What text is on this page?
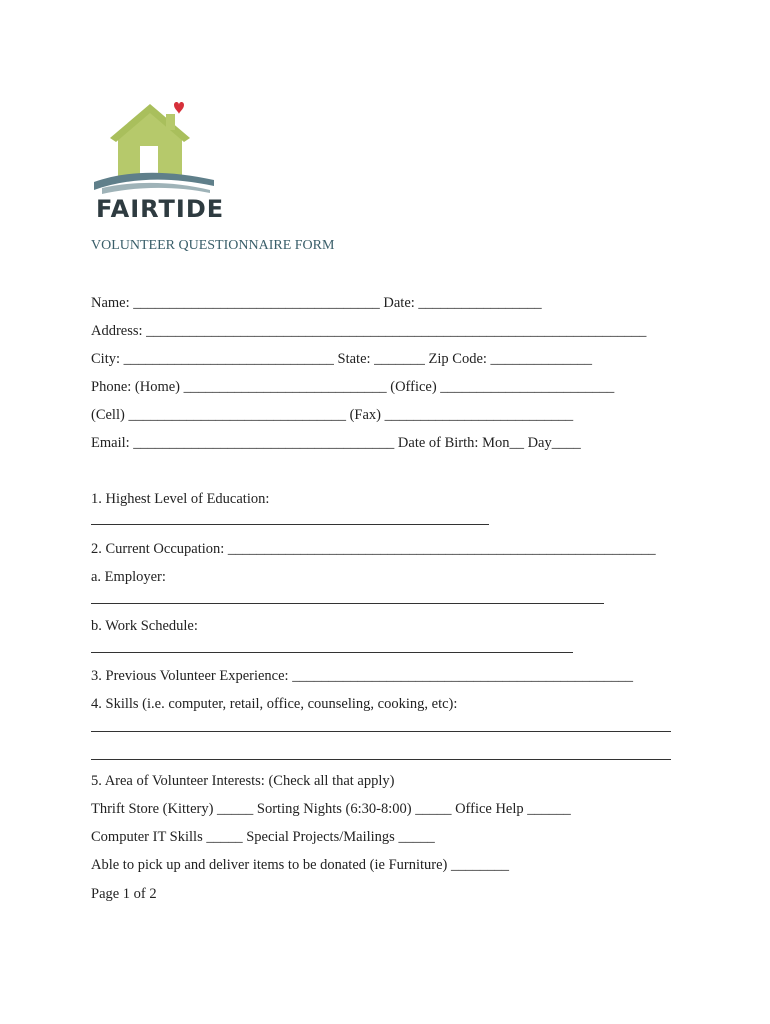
FAIRTIDE
VOLUNTEER QUESTIONNAIRE FORM
Name: __________________________________ Date: _________________
Address: _____________________________________________________________________
City: _____________________________ State: _______ Zip Code: ______________
Phone: (Home) ____________________________ (Office) ________________________
(Cell) ______________________________ (Fax) __________________________
Email: ____________________________________ Date of Birth: Mon__ Day____
1. Highest Level of Education:
2. Current Occupation: ___________________________________________________________
a. Employer:
b. Work Schedule:
3. Previous Volunteer Experience: _______________________________________________
4. Skills (i.e. computer, retail, office, counseling, cooking, etc):
5. Area of Volunteer Interests: (Check all that apply)
Thrift Store (Kittery) _____ Sorting Nights (6:30-8:00) _____ Office Help ______
Computer IT Skills _____ Special Projects/Mailings _____
Able to pick up and deliver items to be donated (ie Furniture) ________
Page 1 of 2
